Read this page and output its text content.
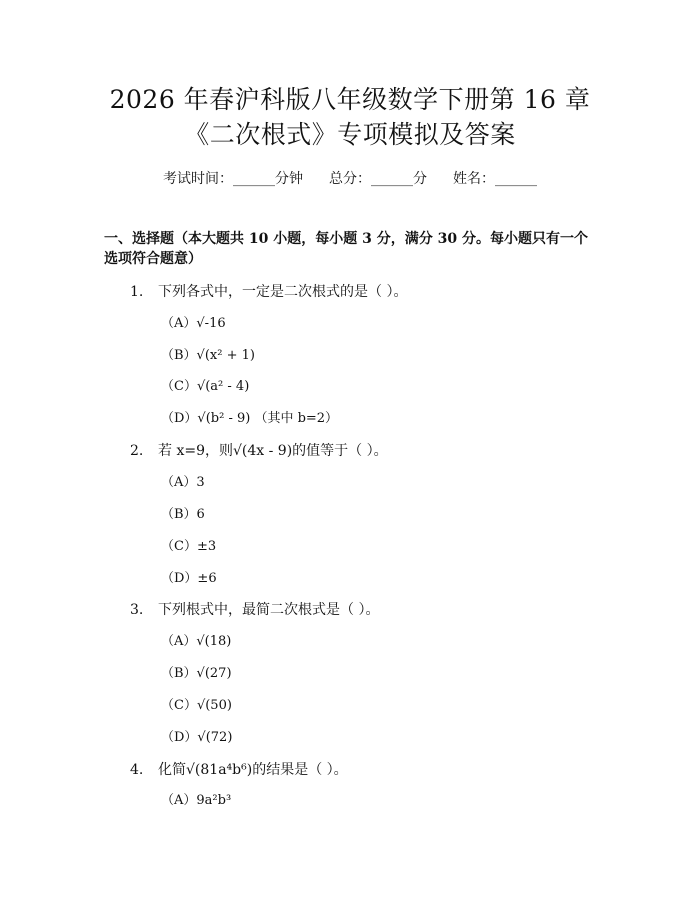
2026 年春沪科版八年级数学下册第 16 章
《二次根式》专项模拟及答案
考试时间：______分钟 总分：______分 姓名：______
一、选择题（本大题共 10 小题，每小题 3 分，满分 30 分。每小题只有一个选项符合题意）
1. 下列各式中，一定是二次根式的是（ ）。
（A）√-16
（B）√(x² + 1)
（C）√(a² - 4)
（D）√(b² - 9) （其中 b=2）
2. 若 x=9，则√(4x - 9)的值等于（ ）。
（A）3
（B）6
（C）±3
（D）±6
3. 下列根式中，最简二次根式是（ ）。
（A）√(18)
（B）√(27)
（C）√(50)
（D）√(72)
4. 化简√(81a⁴b⁶)的结果是（ ）。
（A）9a²b³
